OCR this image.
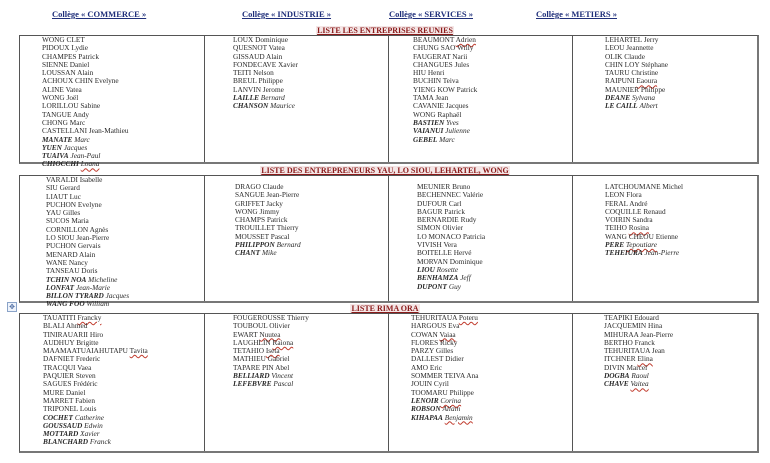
Collège « COMMERCE »	Collège « INDUSTRIE »	Collège « SERVICES »	Collège « METIERS »
LISTE LES ENTREPRISES REUNIES
WONG CLET
PIDOUX Lydie
CHAMPES Patrick
SIENNE Daniel
LOUSSAN Alain
ACHOUX CHIN Evelyne
ALINE Vatea
WONG Joël
LORILLOU Sabine
TANGUE Andy
CHONG Marc
CASTELLANI Jean-Mathieu
MANATE Marc
YUEN Jacques
TUAIVA Jean-Paul
CHIOCCHI Loana
LOUX Dominique
QUESNOT Vatea
GISSAUD Alain
FONDECAVE Xavier
TEITI Nelson
BREUL Philippe
LANVIN Jerome
LAILLE Bernard
CHANSON Maurice
BEAUMONT Adrien
CHUNG SAO Willy
FAUGERAT Narii
CHANGUES Jules
HIU Henri
BUCHIN Teiva
YIENG KOW Patrick
TAMA Jean
CAVANIE Jacques
WONG Raphaël
BASTIEN Yves
VAIANUI Julienne
GEBEL Marc
LEHARTEL Jerry
LEOU Jeannette
OLIK Claude
CHIN LOY Stéphane
TAURU Christine
RAIPUNI Eaoura
MAUNIER Philippe
DEANE Sylvana
LE CAILL Albert
LISTE DES ENTREPRENEURS YAU, LO SIOU, LEHARTEL, WONG
VARALDI Isabelle
SIU Gerard
LIAUT Luc
PUCHON Evelyne
YAU Gilles
SUCOS Maria
CORNILLON Agnès
LO SIOU Jean-Pierre
PUCHON Gervais
MENARD Alain
WANE Nancy
TANSEAU Doris
TCHIN NOA Micheline
LONFAT Jean-Marie
BILLON TYRARD Jacques
WANG FOO William
DRAGO Claude
SANGUE Jean-Pierre
GRIFFET Jacky
WONG Jimmy
CHAMPS Patrick
TROUILLET Thierry
MOUSSET Pascal
PHILIPPON Bernard
CHANT Mike
MEUNIER Bruno
BECHENNEC Valérie
DUFOUR Carl
BAGUR Patrick
BERNARDIE Rudy
SIMON Olivier
LO MONACO Patricia
VIVISH Vera
BOITELLE Hervé
MORVAN Dominique
LIOU Rosette
BENHAMZA Jeff
DUPONT Guy
LATCHOUMANE Michel
LEON Flora
FERAL André
COQUILLE Renaud
VOIRIN Sandra
TEIHO Rosina
WANG CHEOU Etienne
PERE Tepoutiare
TEHEIURA Jean-Pierre
✥	LISTE RIMA ORA
TAUATITI Francky
BLALI Ahmed
TINIRAUARII Hiro
AUDHUY Brigitte
MAAMAATUAIAHUTAPU Tavita
DAFNIET Frederic
TRACQUI Vaea
PAQUIER Steven
SAGUES Frédéric
MURE Daniel
MARRET Fabien
TRIPONEL Louis
COCHET Catherine
GOUSSAUD Edwin
MOTTARD Xavier
BLANCHARD Franck
FOUGEROUSSE Thierry
TOUBOUL Olivier
EWART Nuutea
LAUGHLIN Raiona
TETAHIO Iseta
MATHIEU Gabriel
TAPARE PIN Abel
BELLIARD Vincent
LEFEBVRE Pascal
TEHURITAUA Poteru
HARGOUS Eva
COWAN Vaiaa
FLORES Ricky
PARZY Gilles
DALLEST Didier
AMO Eric
SOMMER TEIVA Ana
JOUIN Cyril
TOOMARU Philippe
LENOIR Corina
ROBSON Allain
KIHAPAA Benjamin
TEAPIKI Edouard
JACQUEMIN Hina
MIHURAA Jean-Pierre
BERTHO Franck
TEHURITAUA Jean
ITCHNER Elina
DIVIN Marcel
DOGBA Raoul
CHAVE Vaitea
